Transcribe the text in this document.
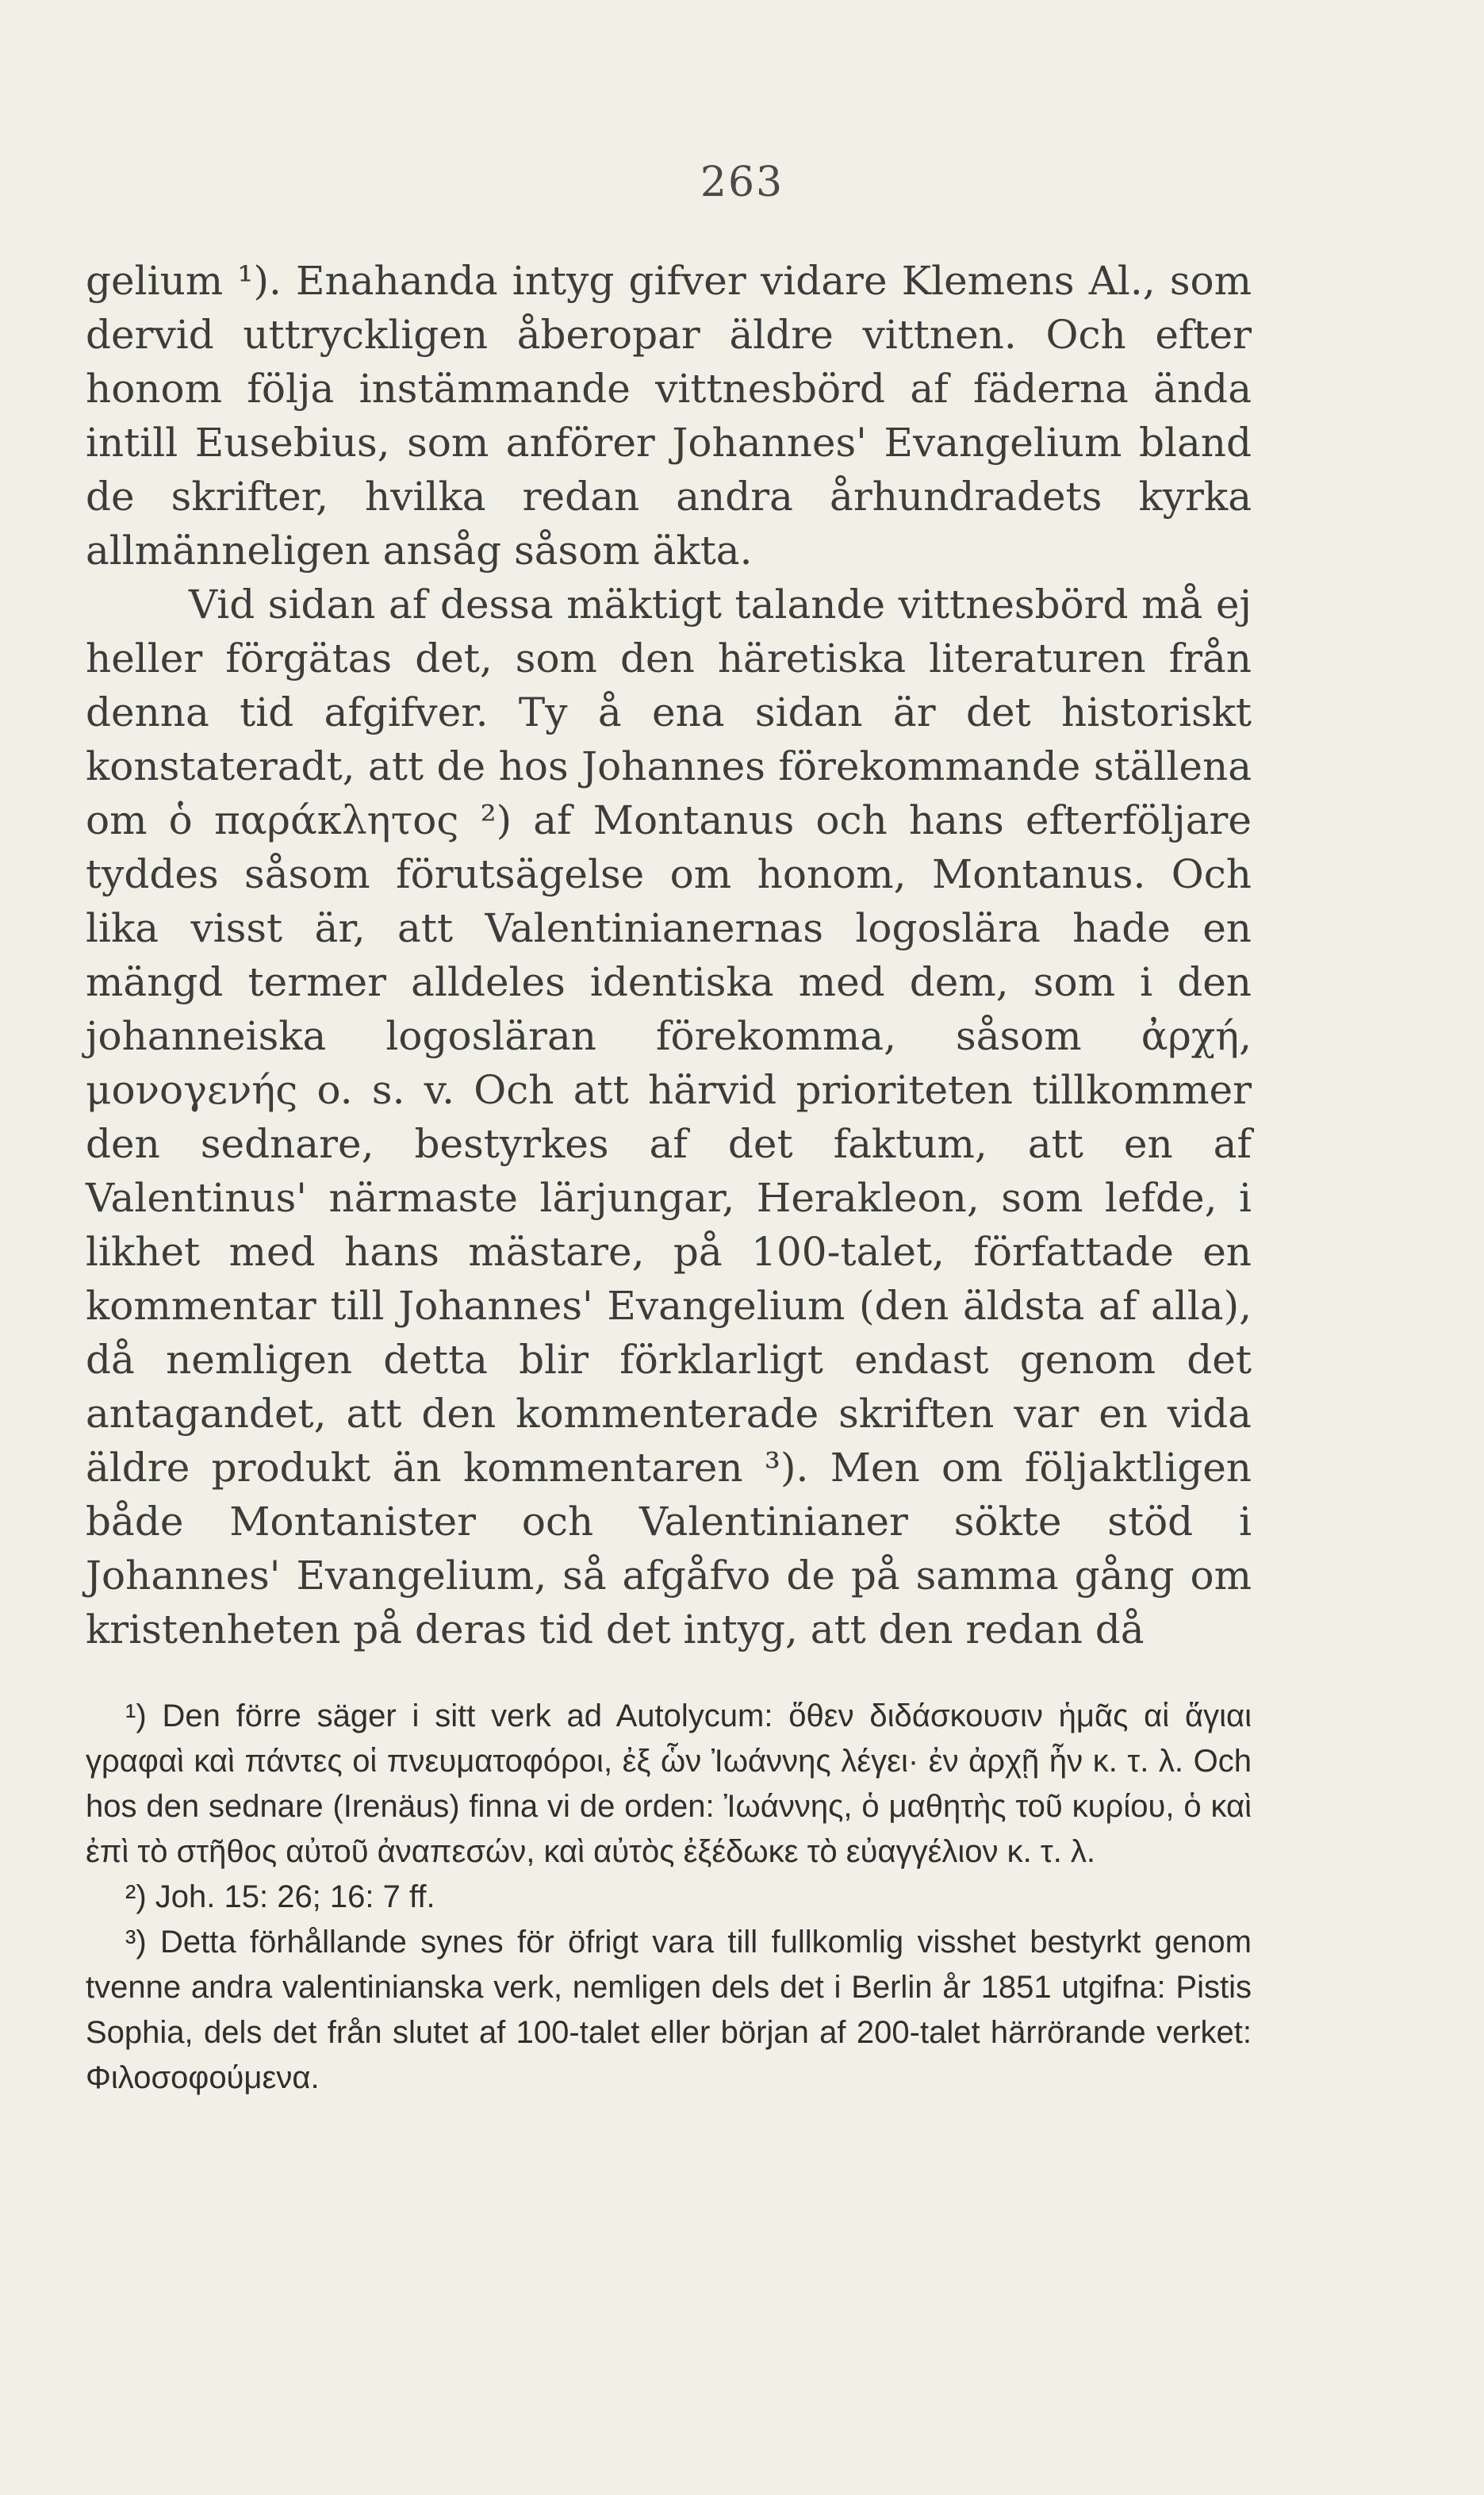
263

gelium ¹). Enahanda intyg gifver vidare Klemens Al., som dervid uttryckligen åberopar äldre vittnen. Och efter honom följa instämmande vittnesbörd af fäderna ända intill Eusebius, som anförer Johannes' Evangelium bland de skrifter, hvilka redan andra århundradets kyrka allmänneligen ansåg såsom äkta.

Vid sidan af dessa mäktigt talande vittnesbörd må ej heller förgätas det, som den häretiska literaturen från denna tid afgifver. Ty å ena sidan är det historiskt konstateradt, att de hos Johannes förekommande ställena om ὁ παράκλητος ²) af Montanus och hans efterföljare tyddes såsom förutsägelse om honom, Montanus. Och lika visst är, att Valentinianernas logoslära hade en mängd termer alldeles identiska med dem, som i den johanneiska logosläran förekomma, såsom ἀρχή, μονογενής o. s. v. Och att härvid prioriteten tillkommer den sednare, bestyrkes af det faktum, att en af Valentinus' närmaste lärjungar, Herakleon, som lefde, i likhet med hans mästare, på 100-talet, författade en kommentar till Johannes' Evangelium (den äldsta af alla), då nemligen detta blir förklarligt endast genom det antagandet, att den kommenterade skriften var en vida äldre produkt än kommentaren ³). Men om följaktligen både Montanister och Valentinianer sökte stöd i Johannes' Evangelium, så afgåfvo de på samma gång om kristenheten på deras tid det intyg, att den redan då

¹) Den förre säger i sitt verk ad Autolycum: ὅθεν διδάσκουσιν ἡμᾶς αἱ ἅγιαι γραφαὶ καὶ πάντες οἱ πνευματοφόροι, ἐξ ὧν Ἰωάννης λέγει· ἐν ἀρχῇ ἦν κ. τ. λ. Och hos den sednare (Irenäus) finna vi de orden: Ἰωάννης, ὁ μαθητὴς τοῦ κυρίου, ὁ καὶ ἐπὶ τὸ στῆθος αὐτοῦ ἀναπεσών, καὶ αὐτὸς ἐξέδωκε τὸ εὐαγγέλιον κ. τ. λ.

²) Joh. 15: 26; 16: 7 ff.

³) Detta förhållande synes för öfrigt vara till fullkomlig visshet bestyrkt genom tvenne andra valentinianska verk, nemligen dels det i Berlin år 1851 utgifna: Pistis Sophia, dels det från slutet af 100-talet eller början af 200-talet härrörande verket: Φιλοσοφούμενα.
